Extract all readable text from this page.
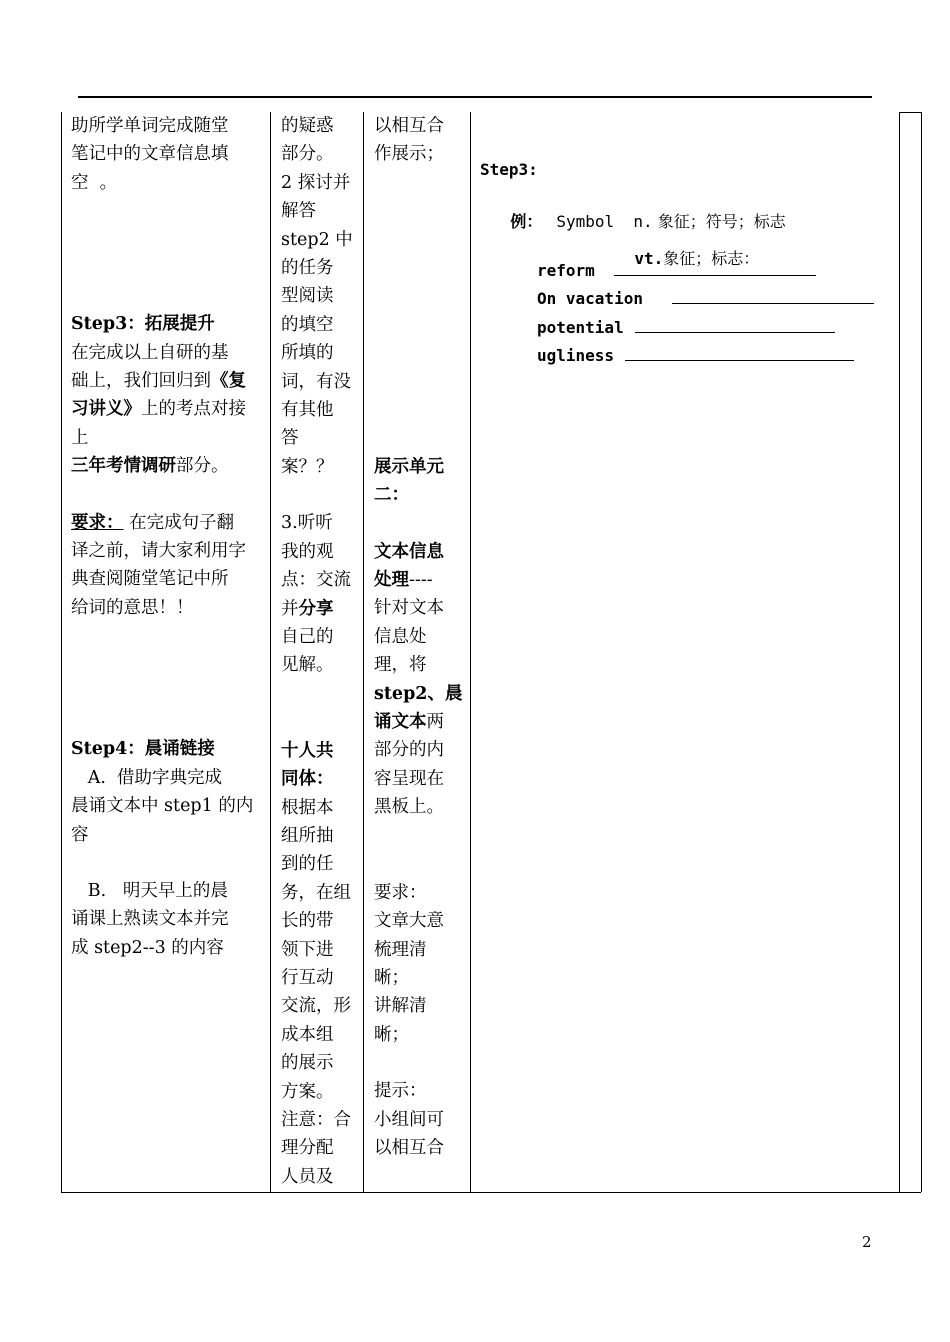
助所学单词完成随堂

笔记中的文章信息填

空  。

Step3：拓展提升

在完成以上自研的基

础上，我们回归到《复

习讲义》上的考点对接

上

三年考情调研部分。

要求： 在完成句子翻

译之前，请大家利用字

典查阅随堂笔记中所

给词的意思！！

Step4：晨诵链接

A.  借助字典完成

晨诵文本中 step1 的内

容

B.   明天早上的晨

诵课上熟读文本并完

成 step2--3 的内容

的疑惑

部分。

2 探讨并

解答

step2 中

的任务

型阅读

的填空

所填的

词，有没

有其他

答

案？？

3.听听

我的观

点：交流

并分享

自己的

见解。

十人共

同体：

根据本

组所抽

到的任

务，在组

长的带

领下进

行互动

交流，形

成本组

的展示

方案。

注意：合

理分配

人员及

以相互合

作展示；

展示单元

二：

文本信息

处理----

针对文本

信息处

理，将

step2、晨

诵文本两

部分的内

容呈现在

黑板上。

要求：

文章大意

梳理清

晰；

讲解清

晰；

提示：

小组间可

以相互合

Step3:

例： Symbol  n. 象征；符号；标志

vt.象征；标志：

reform
On vacation
potential
ugliness
2
